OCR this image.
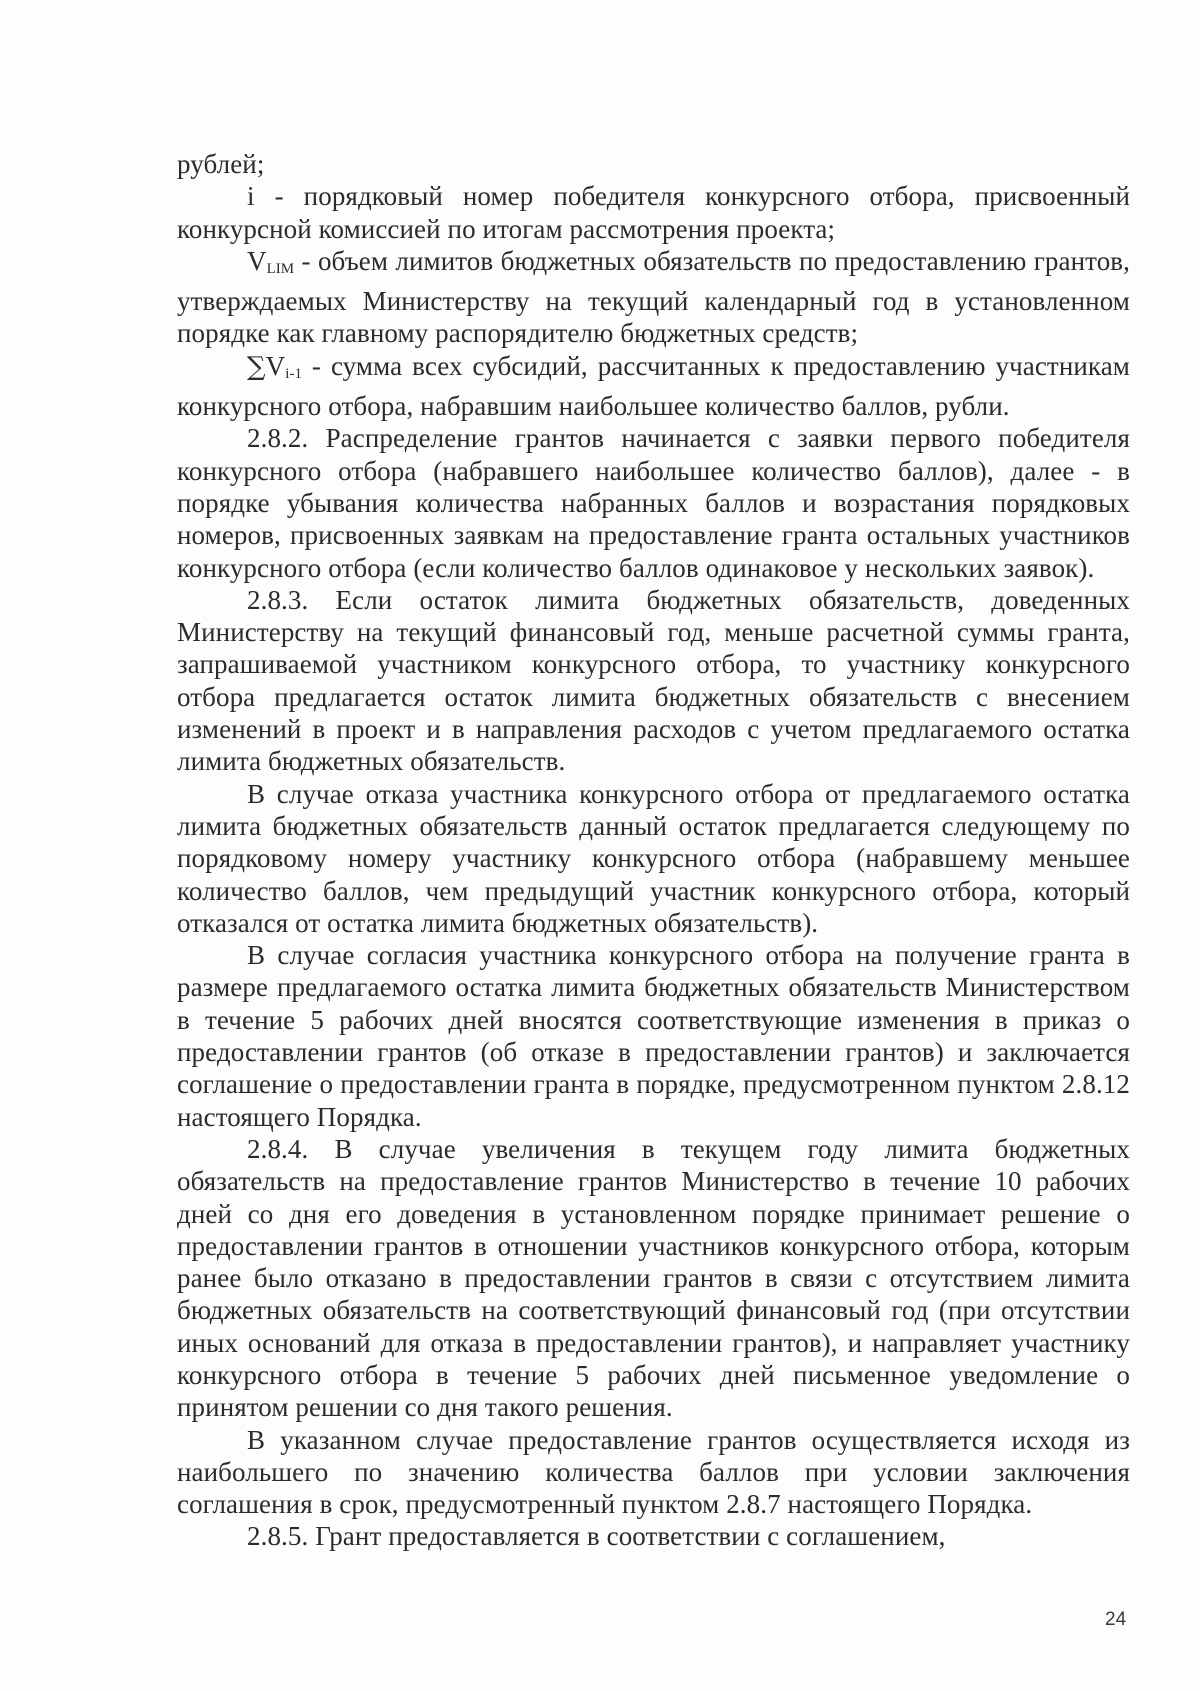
рублей;

i - порядковый номер победителя конкурсного отбора, присвоенный конкурсной комиссией по итогам рассмотрения проекта;

$V_{LIM}$ - объем лимитов бюджетных обязательств по предоставлению грантов, утверждаемых Министерству на текущий календарный год в установленном порядке как главному распорядителю бюджетных средств;

$\sum V_{i-1}$ - сумма всех субсидий, рассчитанных к предоставлению участникам конкурсного отбора, набравшим наибольшее количество баллов, рубли.

2.8.2. Распределение грантов начинается с заявки первого победителя конкурсного отбора (набравшего наибольшее количество баллов), далее - в порядке убывания количества набранных баллов и возрастания порядковых номеров, присвоенных заявкам на предоставление гранта остальных участников конкурсного отбора (если количество баллов одинаковое у нескольких заявок).

2.8.3. Если остаток лимита бюджетных обязательств, доведенных Министерству на текущий финансовый год, меньше расчетной суммы гранта, запрашиваемой участником конкурсного отбора, то участнику конкурсного отбора предлагается остаток лимита бюджетных обязательств с внесением изменений в проект и в направления расходов с учетом предлагаемого остатка лимита бюджетных обязательств.

В случае отказа участника конкурсного отбора от предлагаемого остатка лимита бюджетных обязательств данный остаток предлагается следующему по порядковому номеру участнику конкурсного отбора (набравшему меньшее количество баллов, чем предыдущий участник конкурсного отбора, который отказался от остатка лимита бюджетных обязательств).

В случае согласия участника конкурсного отбора на получение гранта в размере предлагаемого остатка лимита бюджетных обязательств Министерством в течение 5 рабочих дней вносятся соответствующие изменения в приказ о предоставлении грантов (об отказе в предоставлении грантов) и заключается соглашение о предоставлении гранта в порядке, предусмотренном пунктом 2.8.12 настоящего Порядка.

2.8.4. В случае увеличения в текущем году лимита бюджетных обязательств на предоставление грантов Министерство в течение 10 рабочих дней со дня его доведения в установленном порядке принимает решение о предоставлении грантов в отношении участников конкурсного отбора, которым ранее было отказано в предоставлении грантов в связи с отсутствием лимита бюджетных обязательств на соответствующий финансовый год (при отсутствии иных оснований для отказа в предоставлении грантов), и направляет участнику конкурсного отбора в течение 5 рабочих дней письменное уведомление о принятом решении со дня такого решения.

В указанном случае предоставление грантов осуществляется исходя из наибольшего по значению количества баллов при условии заключения соглашения в срок, предусмотренный пунктом 2.8.7 настоящего Порядка.

2.8.5. Грант предоставляется в соответствии с соглашением,

24
